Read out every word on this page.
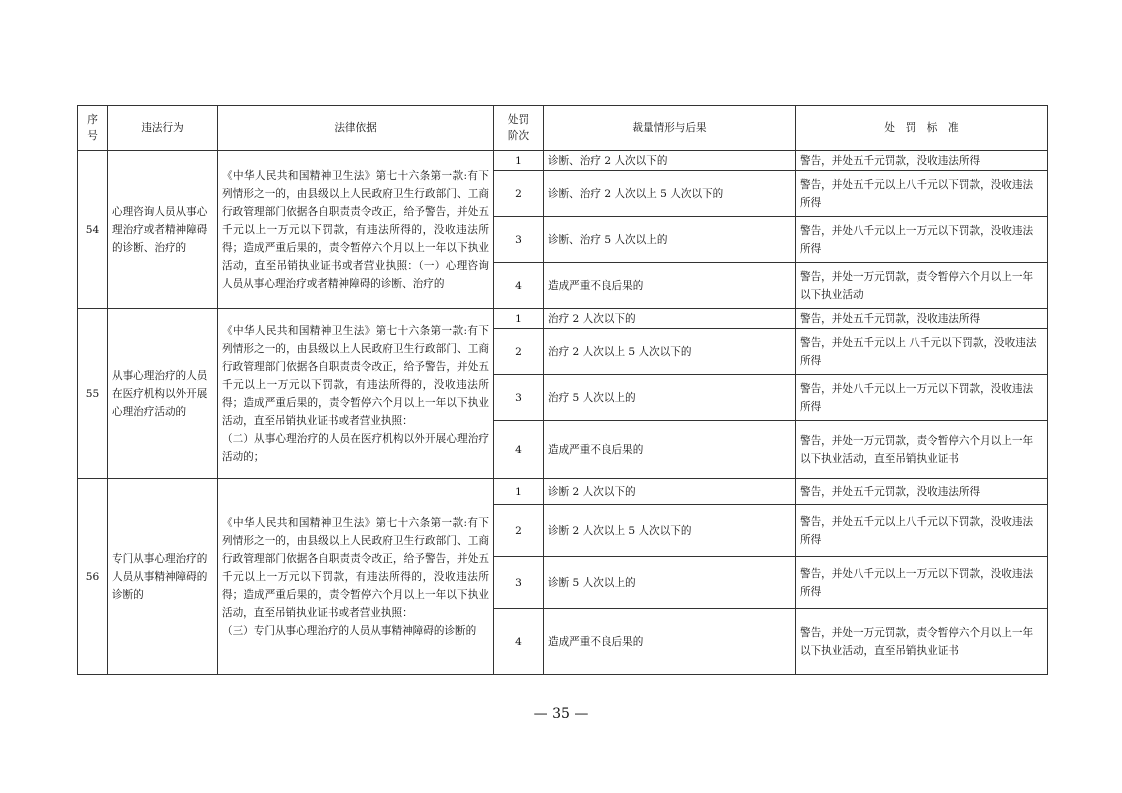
序
号	违法行为	法律依据	处罚
阶次	裁量情形与后果	处　罚　标　准
54	心理咨询人员从事心理治疗或者精神障碍的诊断、治疗的	《中华人民共和国精神卫生法》第七十六条第一款:有下列情形之一的，由县级以上人民政府卫生行政部门、工商行政管理部门依据各自职责责令改正，给予警告，并处五千元以上一万元以下罚款，有违法所得的，没收违法所得；造成严重后果的，责令暂停六个月以上一年以下执业活动，直至吊销执业证书或者营业执照：（一）心理咨询人员从事心理治疗或者精神障碍的诊断、治疗的	1	诊断、治疗 2 人次以下的	警告，并处五千元罚款，没收违法所得
			2	诊断、治疗 2 人次以上 5 人次以下的	警告，并处五千元以上八千元以下罚款，没收违法所得
			3	诊断、治疗 5 人次以上的	警告，并处八千元以上一万元以下罚款，没收违法所得
			4	造成严重不良后果的	警告，并处一万元罚款，责令暂停六个月以上一年以下执业活动
55	从事心理治疗的人员在医疗机构以外开展心理治疗活动的	《中华人民共和国精神卫生法》第七十六条第一款:有下列情形之一的，由县级以上人民政府卫生行政部门、工商行政管理部门依据各自职责责令改正，给予警告，并处五千元以上一万元以下罚款，有违法所得的，没收违法所得；造成严重后果的，责令暂停六个月以上一年以下执业活动，直至吊销执业证书或者营业执照：
（二）从事心理治疗的人员在医疗机构以外开展心理治疗活动的；	1	治疗 2 人次以下的	警告，并处五千元罚款，没收违法所得
			2	治疗 2 人次以上 5 人次以下的	警告，并处五千元以上 八千元以下罚款，没收违法所得
			3	治疗 5 人次以上的	警告，并处八千元以上一万元以下罚款，没收违法所得
			4	造成严重不良后果的	警告，并处一万元罚款，责令暂停六个月以上一年以下执业活动，直至吊销执业证书
56	专门从事心理治疗的人员从事精神障碍的诊断的	《中华人民共和国精神卫生法》第七十六条第一款:有下列情形之一的，由县级以上人民政府卫生行政部门、工商行政管理部门依据各自职责责令改正，给予警告，并处五千元以上一万元以下罚款，有违法所得的，没收违法所得；造成严重后果的，责令暂停六个月以上一年以下执业活动，直至吊销执业证书或者营业执照：
（三）专门从事心理治疗的人员从事精神障碍的诊断的	1	诊断 2 人次以下的	警告，并处五千元罚款，没收违法所得
			2	诊断 2 人次以上 5 人次以下的	警告，并处五千元以上八千元以下罚款，没收违法所得
			3	诊断 5 人次以上的	警告，并处八千元以上一万元以下罚款，没收违法所得
			4	造成严重不良后果的	警告，并处一万元罚款，责令暂停六个月以上一年以下执业活动，直至吊销执业证书
— 35 —
